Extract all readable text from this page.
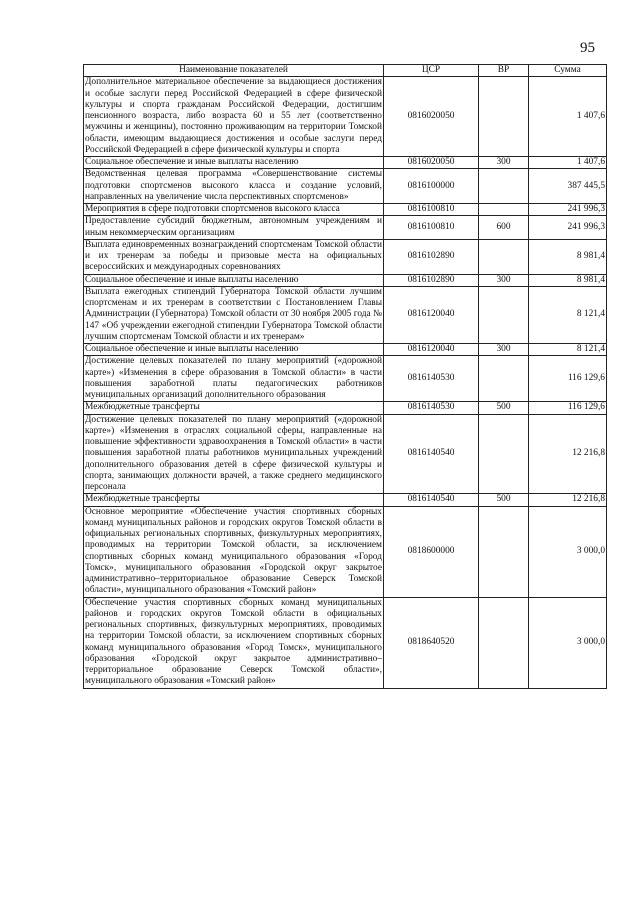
95
Наименование показателей	ЦСР	ВР	Сумма
Дополнительное материальное обеспечение за выдающиеся достижения и особые заслуги перед Российской Федерацией в сфере физической культуры и спорта гражданам Российской Федерации, достигшим пенсионного возраста, либо возраста 60 и 55 лет (соответственно мужчины и женщины), постоянно проживающим на территории Томской области, имеющим выдающиеся достижения и особые заслуги перед Российской Федерацией в сфере физической культуры и спорта	0816020050		1 407,6
Социальное обеспечение и иные выплаты населению	0816020050	300	1 407,6
Ведомственная целевая программа «Совершенствование системы подготовки спортсменов высокого класса и создание условий, направленных на увеличение числа перспективных спортсменов»	0816100000		387 445,5
Мероприятия в сфере подготовки спортсменов высокого класса	0816100810		241 996,3
Предоставление субсидий бюджетным, автономным учреждениям и иным некоммерческим организациям	0816100810	600	241 996,3
Выплата единовременных вознаграждений спортсменам Томской области и их тренерам за победы и призовые места на официальных всероссийских и международных соревнованиях	0816102890		8 981,4
Социальное обеспечение и иные выплаты населению	0816102890	300	8 981,4
Выплата ежегодных стипендий Губернатора Томской области лучшим спортсменам и их тренерам в соответствии с Постановлением Главы Администрации (Губернатора) Томской области от 30 ноября 2005 года № 147 «Об учреждении ежегодной стипендии Губернатора Томской области лучшим спортсменам Томской области и их тренерам»	0816120040		8 121,4
Социальное обеспечение и иные выплаты населению	0816120040	300	8 121,4
Достижение целевых показателей по плану мероприятий («дорожной карте») «Изменения в сфере образования в Томской области» в части повышения заработной платы педагогических работников муниципальных организаций дополнительного образования	0816140530		116 129,6
Межбюджетные трансферты	0816140530	500	116 129,6
Достижение целевых показателей по плану мероприятий («дорожной карте») «Изменения в отраслях социальной сферы, направленные на повышение эффективности здравоохранения в Томской области» в части повышения заработной платы работников муниципальных учреждений дополнительного образования детей в сфере физической культуры и спорта, занимающих должности врачей, а также среднего медицинского персонала	0816140540		12 216,8
Межбюджетные трансферты	0816140540	500	12 216,8
Основное мероприятие «Обеспечение участия спортивных сборных команд муниципальных районов и городских округов Томской области в официальных региональных спортивных, физкультурных мероприятиях, проводимых на территории Томской области, за исключением спортивных сборных команд муниципального образования «Город Томск», муниципального образования «Городской округ закрытое административно–территориальное образование Северск Томской области», муниципального образования «Томский район»	0818600000		3 000,0
Обеспечение участия спортивных сборных команд муниципальных районов и городских округов Томской области в официальных региональных спортивных, физкультурных мероприятиях, проводимых на территории Томской области, за исключением спортивных сборных команд муниципального образования «Город Томск», муниципального образования «Городской округ закрытое административно–территориальное образование Северск Томской области», муниципального образования «Томский район»	0818640520		3 000,0
